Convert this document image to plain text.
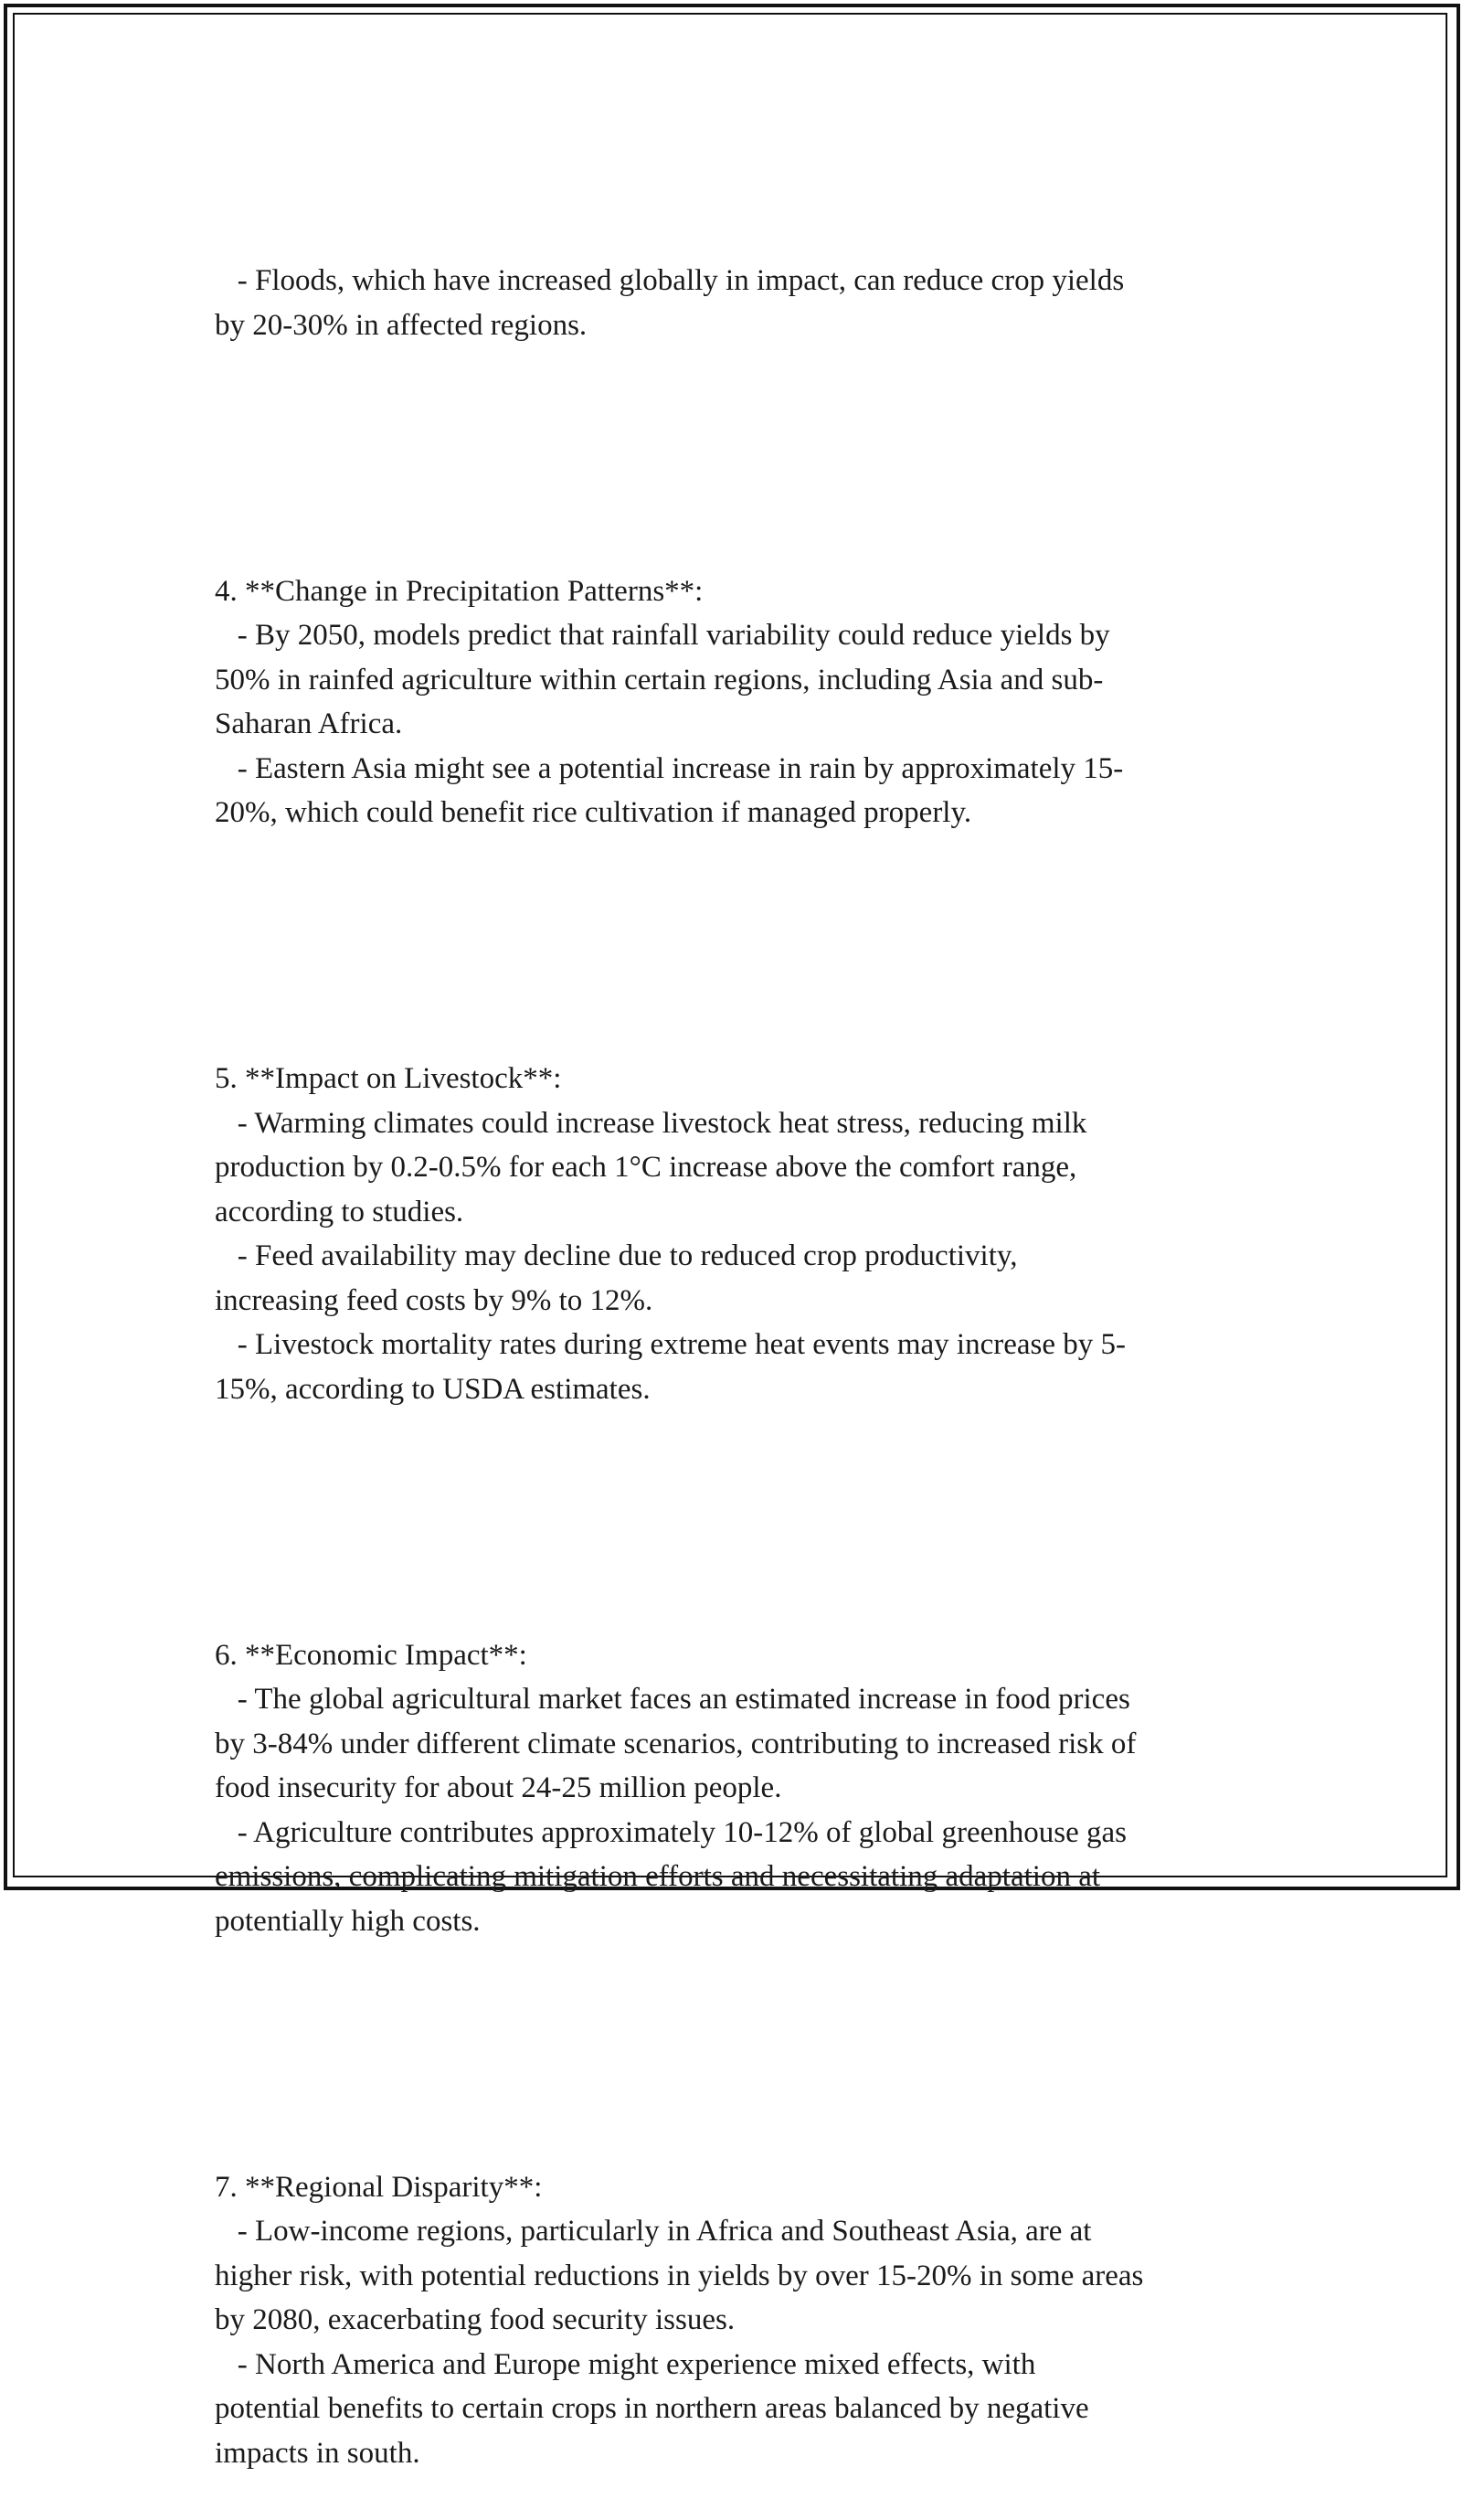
- Floods, which have increased globally in impact, can reduce crop yields
by 20-30% in affected regions.

4. **Change in Precipitation Patterns**:
- By 2050, models predict that rainfall variability could reduce yields by
50% in rainfed agriculture within certain regions, including Asia and sub-
Saharan Africa.
- Eastern Asia might see a potential increase in rain by approximately 15-
20%, which could benefit rice cultivation if managed properly.

5. **Impact on Livestock**:
- Warming climates could increase livestock heat stress, reducing milk
production by 0.2-0.5% for each 1°C increase above the comfort range,
according to studies.
- Feed availability may decline due to reduced crop productivity,
increasing feed costs by 9% to 12%.
- Livestock mortality rates during extreme heat events may increase by 5-
15%, according to USDA estimates.

6. **Economic Impact**:
- The global agricultural market faces an estimated increase in food prices
by 3-84% under different climate scenarios, contributing to increased risk of
food insecurity for about 24-25 million people.
- Agriculture contributes approximately 10-12% of global greenhouse gas
emissions, complicating mitigation efforts and necessitating adaptation at
potentially high costs.

7. **Regional Disparity**:
- Low-income regions, particularly in Africa and Southeast Asia, are at
higher risk, with potential reductions in yields by over 15-20% in some areas
by 2080, exacerbating food security issues.
- North America and Europe might experience mixed effects, with
potential benefits to certain crops in northern areas balanced by negative
impacts in south.
